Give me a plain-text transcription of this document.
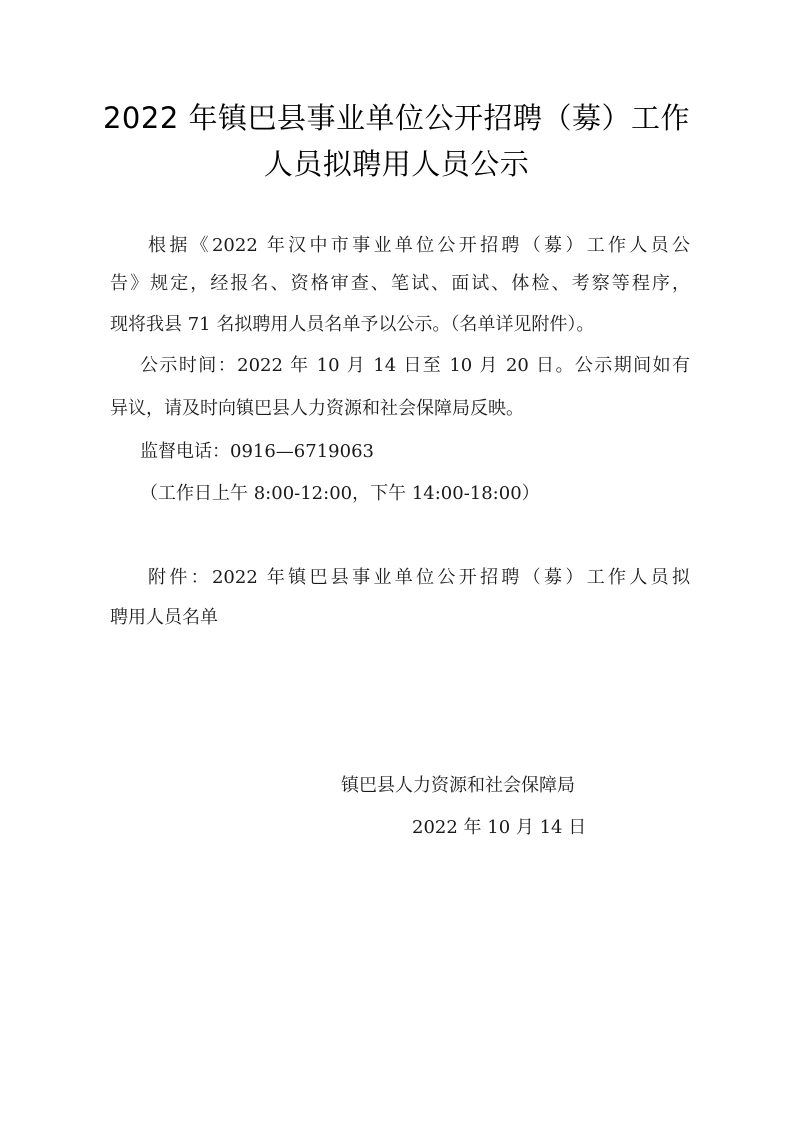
2022 年镇巴县事业单位公开招聘（募）工作
人员拟聘用人员公示
根据《2022 年汉中市事业单位公开招聘（募）工作人员公
告》规定，经报名、资格审查、笔试、面试、体检、考察等程序，
现将我县 71 名拟聘用人员名单予以公示。（名单详见附件）。
公示时间：2022 年 10 月 14 日至 10 月 20 日。公示期间如有
异议，请及时向镇巴县人力资源和社会保障局反映。
监督电话：0916—6719063
（工作日上午 8:00-12:00，下午 14:00-18:00）
附件：2022 年镇巴县事业单位公开招聘（募）工作人员拟
聘用人员名单
镇巴县人力资源和社会保障局
2022 年 10 月 14 日
